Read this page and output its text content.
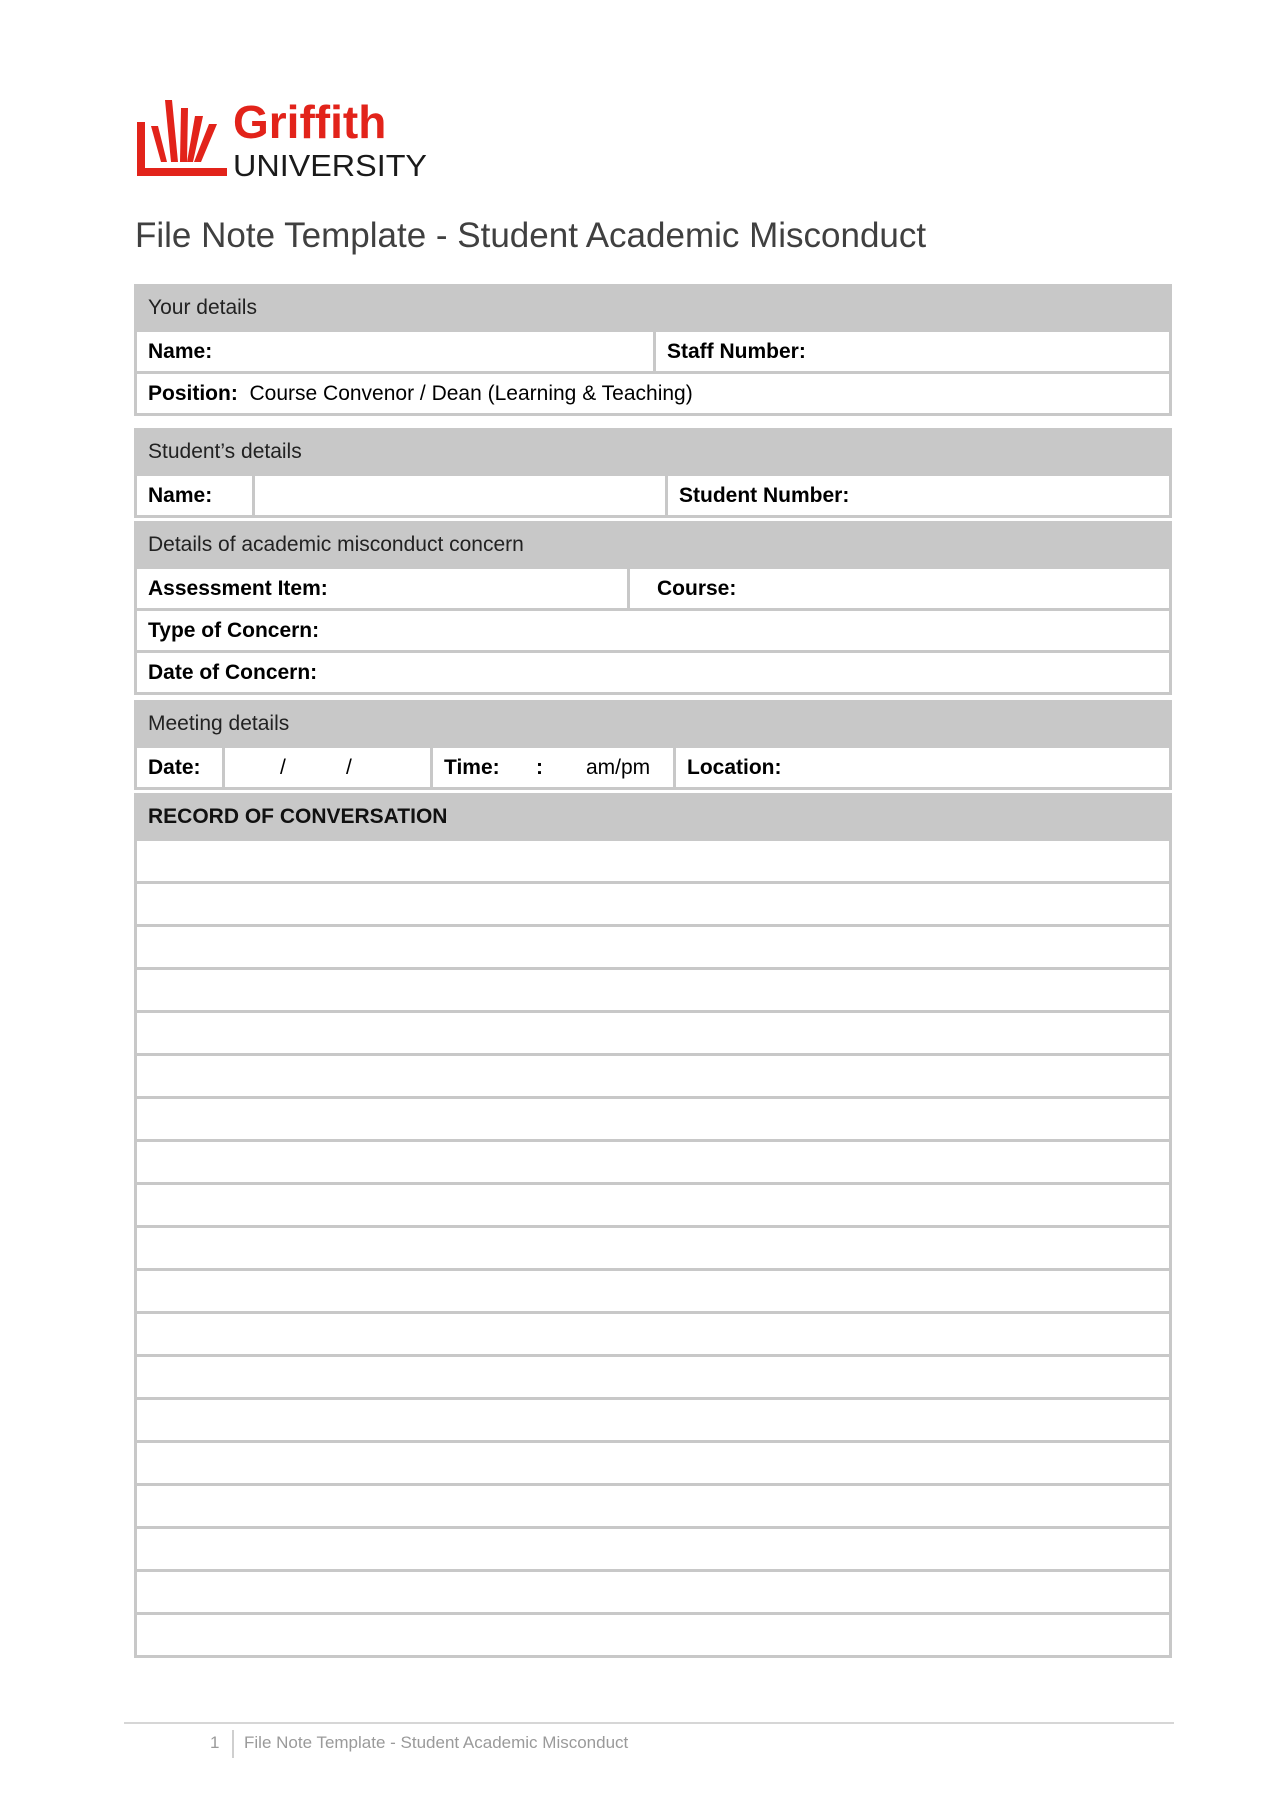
Griffith
UNIVERSITY
File Note Template - Student Academic Misconduct
Your details
Name:	Staff Number:
Position: Course Convenor / Dean (Learning & Teaching)
Student’s details
Name:	Student Number:
Details of academic misconduct concern
Assessment Item:	Course:
Type of Concern:
Date of Concern:
Meeting details
Date:	/	/	Time: : am/pm	Location:
RECORD OF CONVERSATION
1 File Note Template - Student Academic Misconduct
